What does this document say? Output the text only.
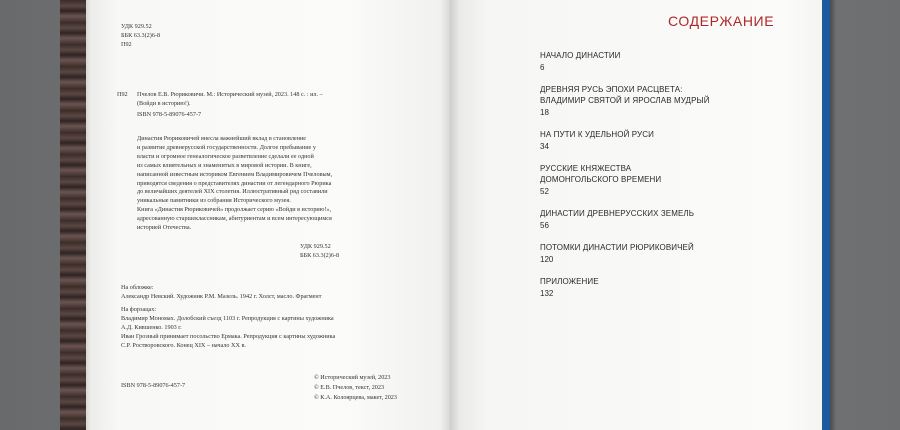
УДК 929.52
ББК 63.3(2)6-8
П92
П92 Пчелов Е.В. Рюриковичи. М.: Исторический музей, 2023. 148 с. : ил. –
(Войди в историю!).
ISBN 978-5-89076-457-7
Династия Рюриковичей внесла важнейший вклад в становление
и развитие древнерусской государственности. Долгое пребывание у
власти и огромное генеалогическое разветвление сделали ее одной
из самых влиятельных и знаменитых в мировой истории. В книге,
написанной известным историком Евгением Владимировичем Пчеловым,
приводятся сведения о представителях династии от легендарного Рюрика
до величайших деятелей XIX столетия. Иллюстративный ряд составили
уникальные памятники из собрания Исторического музея.
Книга «Династия Рюриковичей» продолжает серию «Войди в историю!»,
адресованную старшеклассникам, абитуриентам и всем интересующимся
историей Отечества.
УДК 929.52
ББК 63.3(2)6-8
На обложке:
Александр Невский. Художник Р.М. Мазель. 1942 г. Холст, масло. Фрагмент
На форзацах:
Владимир Мономах. Долобский съезд 1103 г. Репродукция с картины художника
А.Д. Кившенко. 1903 г.
Иван Грозный принимает посольство Ермака. Репродукция с картины художника
С.Р. Ростворовского. Конец XIX – начало XX в.
ISBN 978-5-89076-457-7
© Исторический музей, 2023
© Е.В. Пчелов, текст, 2023
© К.А. Колоярцева, макет, 2023
СОДЕРЖАНИЕ
НАЧАЛО ДИНАСТИИ
6
ДРЕВНЯЯ РУСЬ ЭПОХИ РАСЦВЕТА:
ВЛАДИМИР СВЯТОЙ И ЯРОСЛАВ МУДРЫЙ
18
НА ПУТИ К УДЕЛЬНОЙ РУСИ
34
РУССКИЕ КНЯЖЕСТВА
ДОМОНГОЛЬСКОГО ВРЕМЕНИ
52
ДИНАСТИИ ДРЕВНЕРУССКИХ ЗЕМЕЛЬ
56
ПОТОМКИ ДИНАСТИИ РЮРИКОВИЧЕЙ
120
ПРИЛОЖЕНИЕ
132
